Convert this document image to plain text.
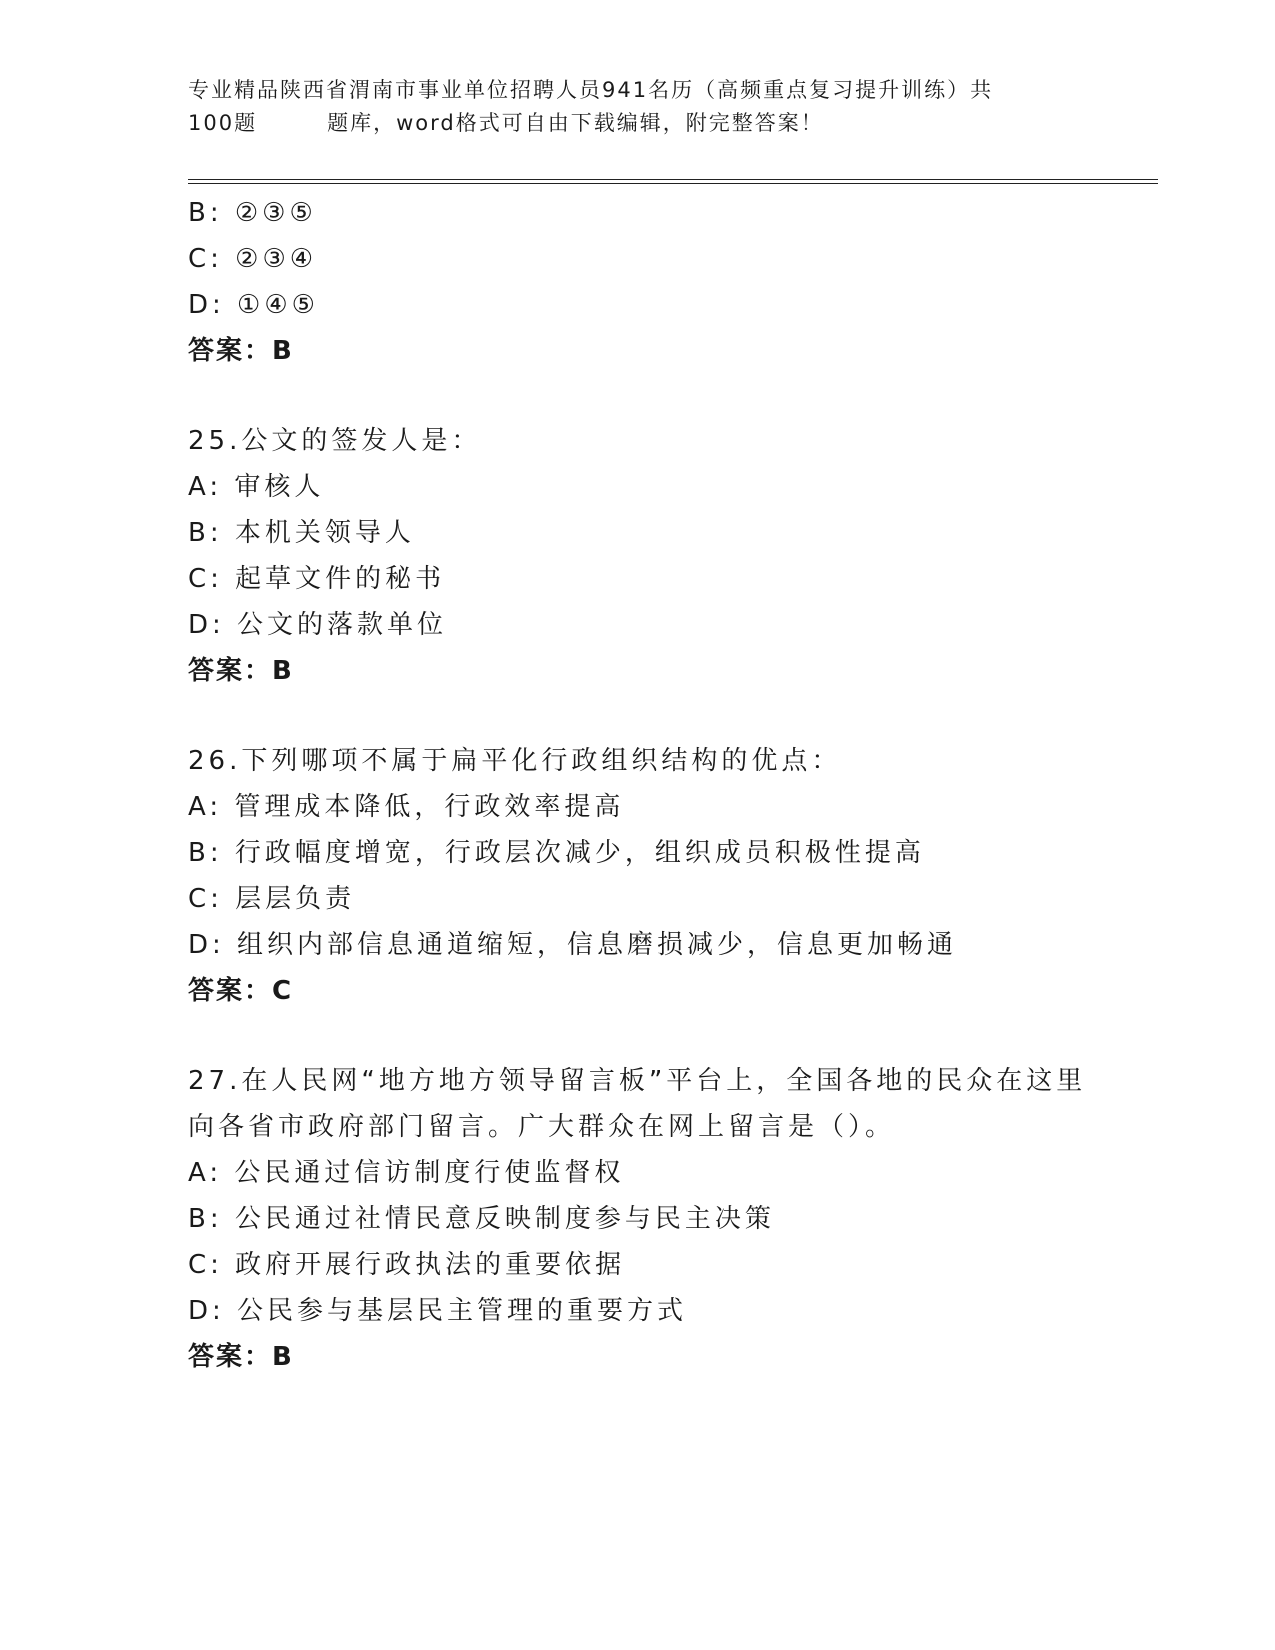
专业精品陕西省渭南市事业单位招聘人员941名历（高频重点复习提升训练）共
100题	题库，word格式可自由下载编辑，附完整答案！
B: ②③⑤
C: ②③④
D: ①④⑤
答案：B
25.公文的签发人是：
A: 审核人
B: 本机关领导人
C: 起草文件的秘书
D: 公文的落款单位
答案：B
26.下列哪项不属于扁平化行政组织结构的优点：
A: 管理成本降低，行政效率提高
B: 行政幅度增宽，行政层次减少，组织成员积极性提高
C: 层层负责
D: 组织内部信息通道缩短，信息磨损减少，信息更加畅通
答案：C
27.在人民网“地方地方领导留言板”平台上，全国各地的民众在这里
向各省市政府部门留言。广大群众在网上留言是（）。
A: 公民通过信访制度行使监督权
B: 公民通过社情民意反映制度参与民主决策
C: 政府开展行政执法的重要依据
D: 公民参与基层民主管理的重要方式
答案：B
